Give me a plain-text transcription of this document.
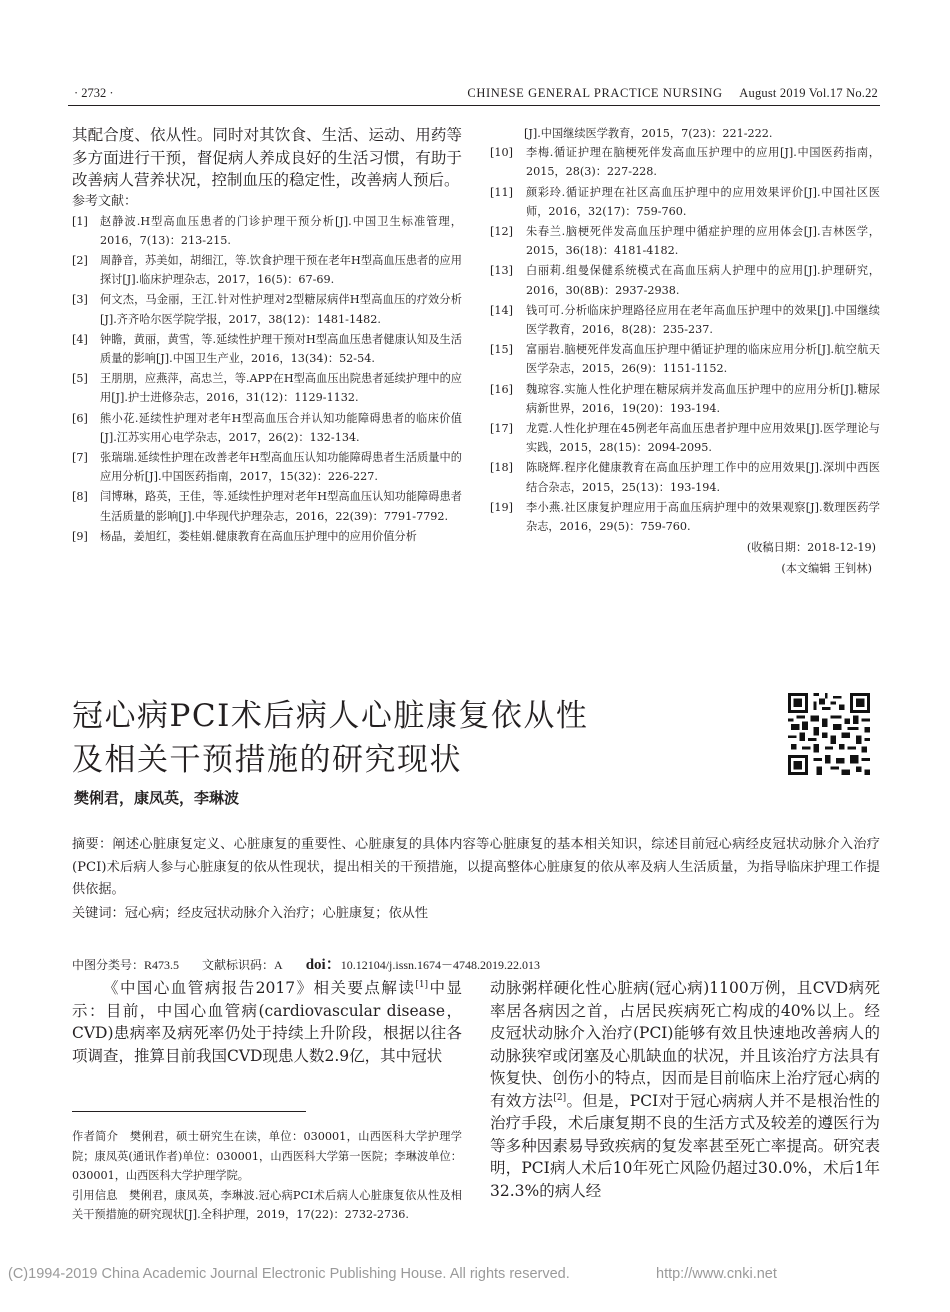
· 2732 ·	CHINESE GENERAL PRACTICE NURSING August 2019 Vol.17 No.22

其配合度、依从性。同时对其饮食、生活、运动、用药等多方面进行干预，督促病人养成良好的生活习惯，有助于改善病人营养状况，控制血压的稳定性，改善病人预后。

参考文献：
[1]	赵静波.H型高血压患者的门诊护理干预分析[J].中国卫生标准管理，2016，7(13)：213-215.
[2]	周静音，苏美如，胡细江，等.饮食护理干预在老年H型高血压患者的应用探讨[J].临床护理杂志，2017，16(5)：67-69.
[3]	何文杰，马金丽，王江.针对性护理对2型糖尿病伴H型高血压的疗效分析[J].齐齐哈尔医学院学报，2017，38(12)：1481-1482.
[4]	钟瞻，黄丽，黄雪，等.延续性护理干预对H型高血压患者健康认知及生活质量的影响[J].中国卫生产业，2016，13(34)：52-54.
[5]	王朋朋，应燕萍，高忠兰，等.APP在H型高血压出院患者延续护理中的应用[J].护士进修杂志，2016，31(12)：1129-1132.
[6]	熊小花.延续性护理对老年H型高血压合并认知功能障碍患者的临床价值[J].江苏实用心电学杂志，2017，26(2)：132-134.
[7]	张瑞瑞.延续性护理在改善老年H型高血压认知功能障碍患者生活质量中的应用分析[J].中国医药指南，2017，15(32)：226-227.
[8]	闫博琳，路英，王佳，等.延续性护理对老年H型高血压认知功能障碍患者生活质量的影响[J].中华现代护理杂志，2016，22(39)：7791-7792.
[9]	杨晶，姜旭红，娄桂娟.健康教育在高血压护理中的应用价值分析
[J].中国继续医学教育，2015，7(23)：221-222.
[10]	李梅.循证护理在脑梗死伴发高血压护理中的应用[J].中国医药指南，2015，28(3)：227-228.
[11]	颜彩玲.循证护理在社区高血压护理中的应用效果评价[J].中国社区医师，2016，32(17)：759-760.
[12]	朱春兰.脑梗死伴发高血压护理中循症护理的应用体会[J].吉林医学，2015，36(18)：4181-4182.
[13]	白丽莉.组曼保健系统模式在高血压病人护理中的应用[J].护理研究，2016，30(8B)：2937-2938.
[14]	钱可可.分析临床护理路径应用在老年高血压护理中的效果[J].中国继续医学教育，2016，8(28)：235-237.
[15]	富丽岩.脑梗死伴发高血压护理中循证护理的临床应用分析[J].航空航天医学杂志，2015，26(9)：1151-1152.
[16]	魏琼容.实施人性化护理在糖尿病并发高血压护理中的应用分析[J].糖尿病新世界，2016，19(20)：193-194.
[17]	龙霓.人性化护理在45例老年高血压患者护理中应用效果[J].医学理论与实践，2015，28(15)：2094-2095.
[18]	陈晓辉.程序化健康教育在高血压护理工作中的应用效果[J].深圳中西医结合杂志，2015，25(13)：193-194.
[19]	李小燕.社区康复护理应用于高血压病护理中的效果观察[J].数理医药学杂志，2016，29(5)：759-760.
(收稿日期：2018-12-19)
(本文编辑 王钊林)
冠心病PCI术后病人心脏康复依从性
及相关干预措施的研究现状
樊俐君，康凤英，李琳波
摘要：阐述心脏康复定义、心脏康复的重要性、心脏康复的具体内容等心脏康复的基本相关知识，综述目前冠心病经皮冠状动脉介入治疗(PCI)术后病人参与心脏康复的依从性现状，提出相关的干预措施，以提高整体心脏康复的依从率及病人生活质量，为指导临床护理工作提供依据。
关键词：冠心病；经皮冠状动脉介入治疗；心脏康复；依从性
中图分类号：R473.5 文献标识码：A doi：10.12104/j.issn.1674－4748.2019.22.013

《中国心血管病报告2017》相关要点解读[1]中显示：目前，中国心血管病(cardiovascular disease，CVD)患病率及病死率仍处于持续上升阶段，根据以往各项调查，推算目前我国CVD现患人数2.9亿，其中冠状

动脉粥样硬化性心脏病(冠心病)1100万例，且CVD病死率居各病因之首，占居民疾病死亡构成的40%以上。经皮冠状动脉介入治疗(PCI)能够有效且快速地改善病人的动脉狭窄或闭塞及心肌缺血的状况，并且该治疗方法具有恢复快、创伤小的特点，因而是目前临床上治疗冠心病的有效方法[2]。但是，PCI对于冠心病病人并不是根治性的治疗手段，术后康复期不良的生活方式及较差的遵医行为等多种因素易导致疾病的复发率甚至死亡率提高。研究表明，PCI病人术后10年死亡风险仍超过30.0%，术后1年32.3%的病人经

作者简介　樊俐君，硕士研究生在读，单位：030001，山西医科大学护理学院；康凤英(通讯作者)单位：030001，山西医科大学第一医院；李琳波单位：030001，山西医科大学护理学院。

引用信息　樊俐君，康凤英，李琳波.冠心病PCI术后病人心脏康复依从性及相关干预措施的研究现状[J].全科护理，2019，17(22)：2732-2736.

(C)1994-2019 China Academic Journal Electronic Publishing House. All rights reserved.	http://www.cnki.net
